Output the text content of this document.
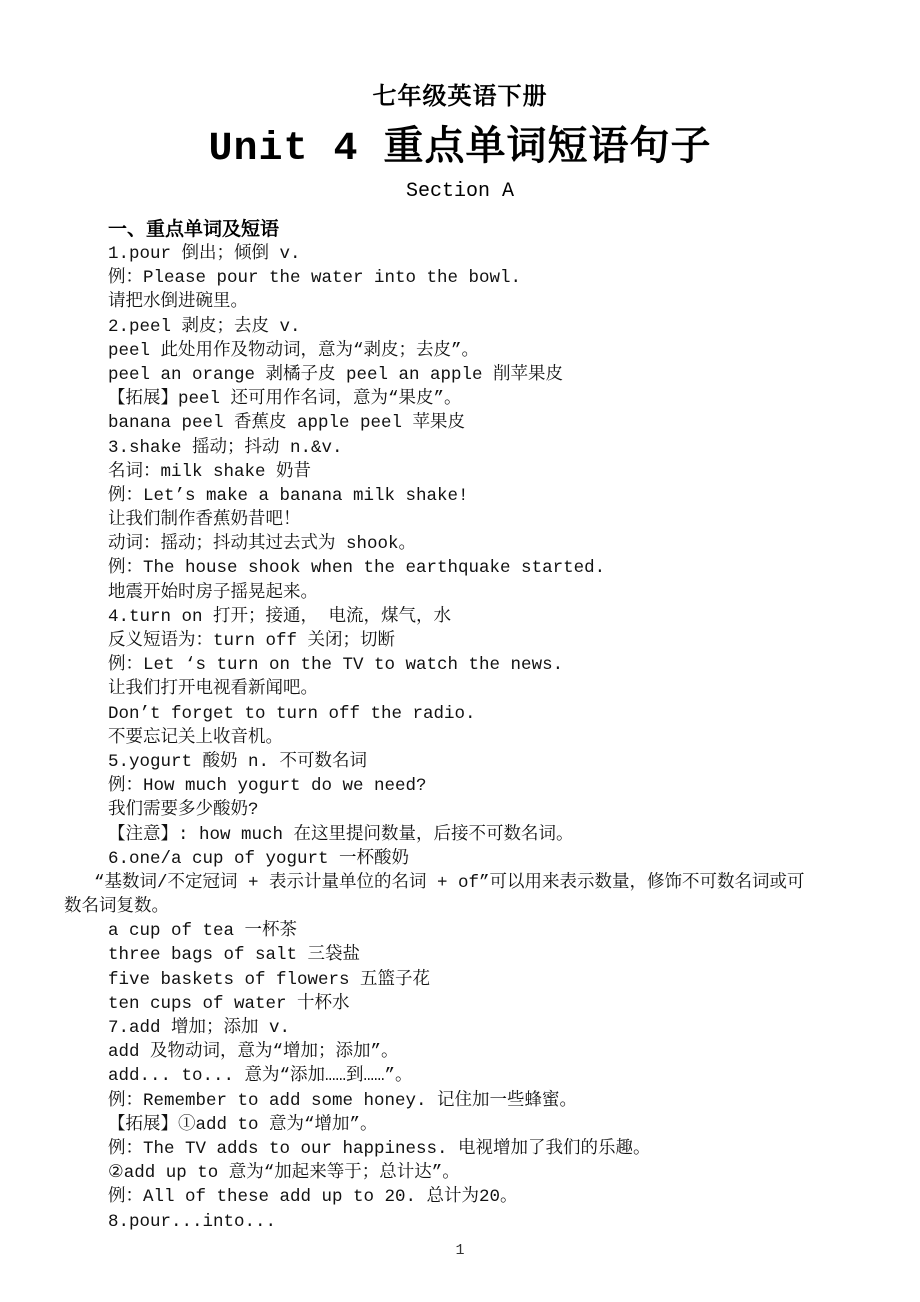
七年级英语下册
Unit 4 重点单词短语句子
Section A
一、重点单词及短语
1.pour 倒出；倾倒 v.
例：Please pour the water into the bowl.
请把水倒进碗里。
2.peel 剥皮；去皮 v.
peel 此处用作及物动词，意为“剥皮；去皮”。
peel an orange 剥橘子皮 peel an apple 削苹果皮
【拓展】peel 还可用作名词，意为“果皮”。
banana peel 香蕉皮 apple peel 苹果皮
3.shake 摇动；抖动 n.&v.
名词：milk shake 奶昔
例：Let’s make a banana milk shake!
让我们制作香蕉奶昔吧！
动词：摇动；抖动其过去式为 shook。
例：The house shook when the earthquake started.
地震开始时房子摇晃起来。
4.turn on 打开；接通， 电流，煤气，水
反义短语为：turn off 关闭；切断
例：Let ‘s turn on the TV to watch the news.
让我们打开电视看新闻吧。
Don’t forget to turn off the radio.
不要忘记关上收音机。
5.yogurt 酸奶 n. 不可数名词
例：How much yogurt do we need?
我们需要多少酸奶?
【注意】: how much 在这里提问数量，后接不可数名词。
6.one/a cup of yogurt 一杯酸奶
“基数词/不定冠词 + 表示计量单位的名词 + of”可以用来表示数量，修饰不可数名词或可
数名词复数。
a cup of tea 一杯茶
three bags of salt 三袋盐
five baskets of flowers 五篮子花
ten cups of water 十杯水
7.add 增加；添加 v.
add 及物动词，意为“增加；添加”。
add... to... 意为“添加……到……”。
例：Remember to add some honey. 记住加一些蜂蜜。
【拓展】①add to 意为“增加”。
例：The TV adds to our happiness. 电视增加了我们的乐趣。
②add up to 意为“加起来等于；总计达”。
例：All of these add up to 20. 总计为20。
8.pour...into...
1
